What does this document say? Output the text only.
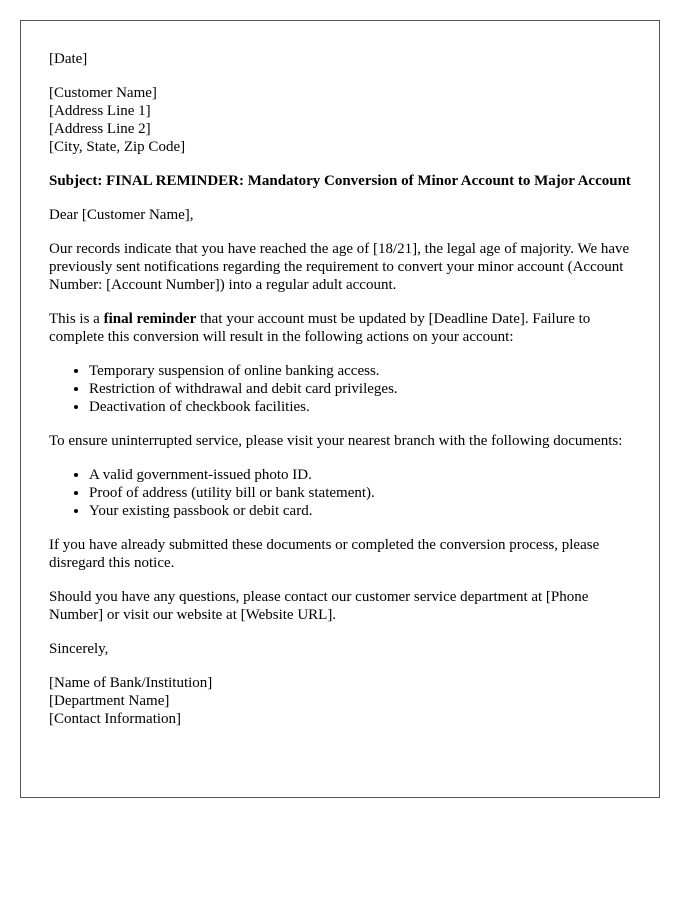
[Date]

[Customer Name]
[Address Line 1]
[Address Line 2]
[City, State, Zip Code]

Subject: FINAL REMINDER: Mandatory Conversion of Minor Account to Major Account

Dear [Customer Name],

Our records indicate that you have reached the age of [18/21], the legal age of majority. We have previously sent notifications regarding the requirement to convert your minor account (Account Number: [Account Number]) into a regular adult account.

This is a final reminder that your account must be updated by [Deadline Date]. Failure to complete this conversion will result in the following actions on your account:

• Temporary suspension of online banking access.
• Restriction of withdrawal and debit card privileges.
• Deactivation of checkbook facilities.

To ensure uninterrupted service, please visit your nearest branch with the following documents:

• A valid government-issued photo ID.
• Proof of address (utility bill or bank statement).
• Your existing passbook or debit card.

If you have already submitted these documents or completed the conversion process, please disregard this notice.

Should you have any questions, please contact our customer service department at [Phone Number] or visit our website at [Website URL].

Sincerely,

[Name of Bank/Institution]
[Department Name]
[Contact Information]
